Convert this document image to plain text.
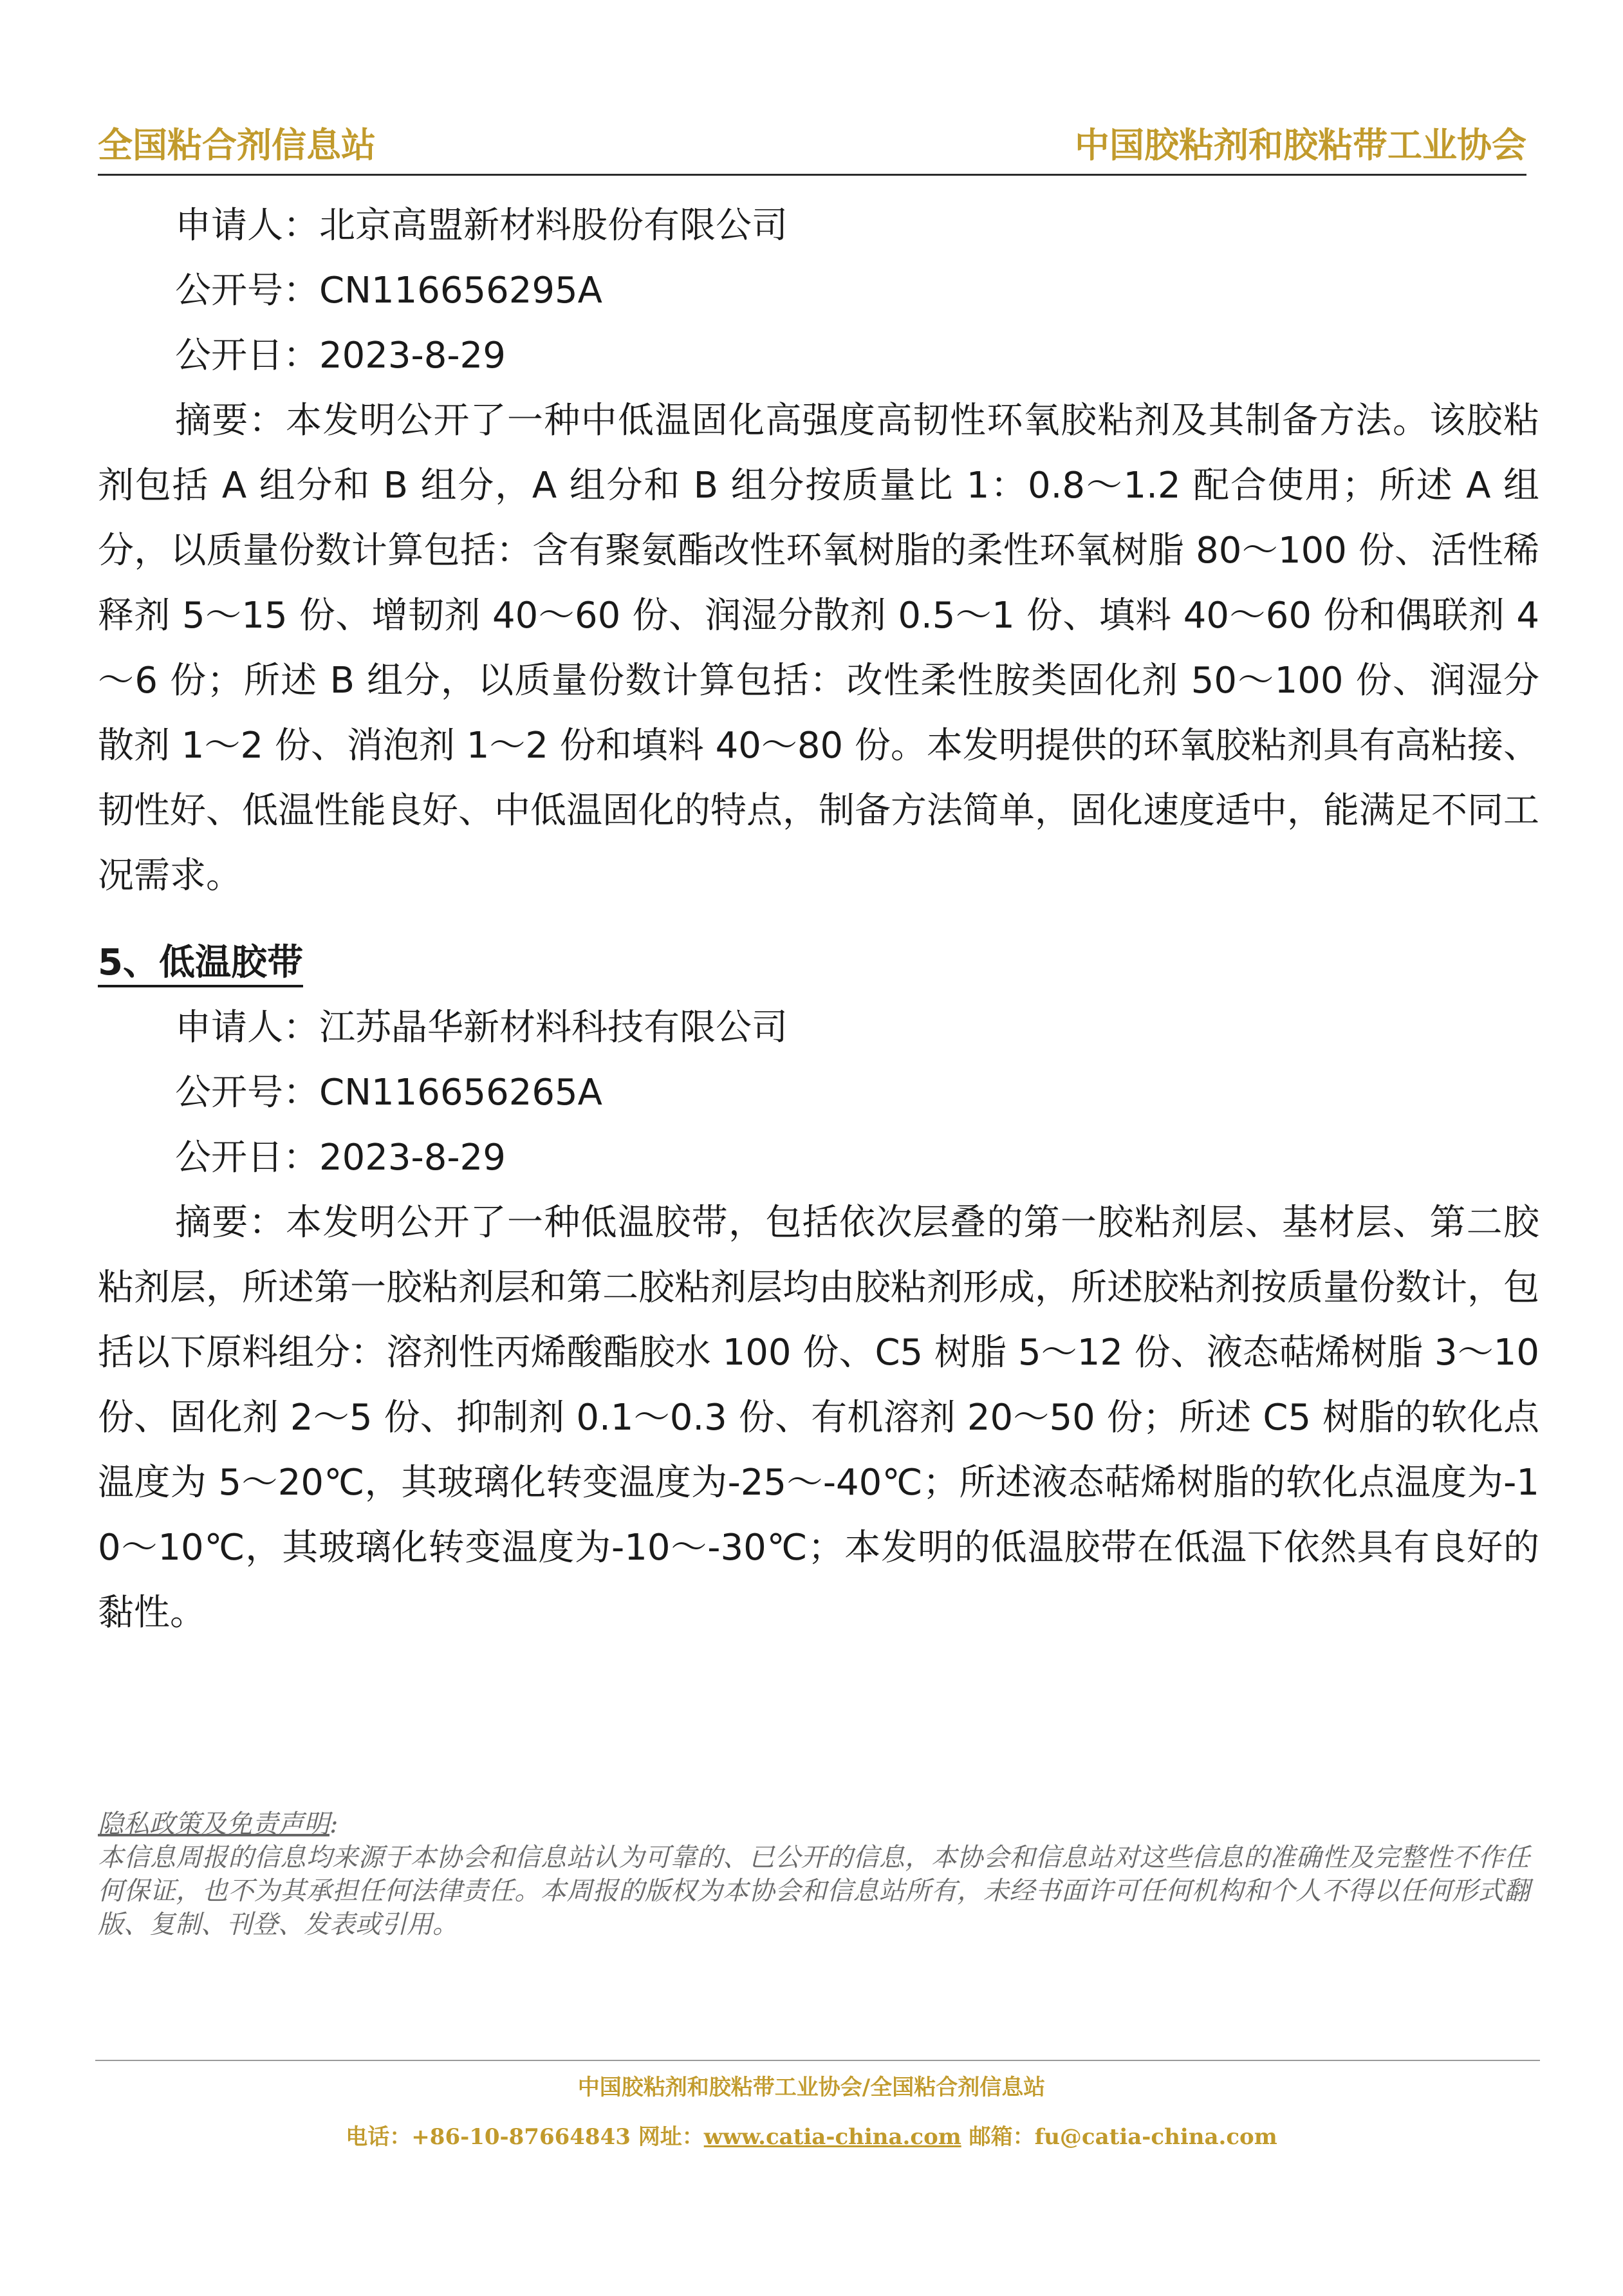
全国粘合剂信息站	中国胶粘剂和胶粘带工业协会
申请人：北京高盟新材料股份有限公司
公开号：CN116656295A
公开日：2023-8-29

摘要：本发明公开了一种中低温固化高强度高韧性环氧胶粘剂及其制备方法。该胶粘剂包括 A 组分和 B 组分，A 组分和 B 组分按质量比 1：0.8～1.2 配合使用；所述 A 组分，以质量份数计算包括：含有聚氨酯改性环氧树脂的柔性环氧树脂 80～100 份、活性稀释剂 5～15 份、增韧剂 40～60 份、润湿分散剂 0.5～1 份、填料 40～60 份和偶联剂 4～6 份；所述 B 组分，以质量份数计算包括：改性柔性胺类固化剂 50～100 份、润湿分散剂 1～2 份、消泡剂 1～2 份和填料 40～80 份。本发明提供的环氧胶粘剂具有高粘接、韧性好、低温性能良好、中低温固化的特点，制备方法简单，固化速度适中，能满足不同工况需求。

5、低温胶带
申请人：江苏晶华新材料科技有限公司
公开号：CN116656265A
公开日：2023-8-29

摘要：本发明公开了一种低温胶带，包括依次层叠的第一胶粘剂层、基材层、第二胶粘剂层，所述第一胶粘剂层和第二胶粘剂层均由胶粘剂形成，所述胶粘剂按质量份数计，包括以下原料组分：溶剂性丙烯酸酯胶水 100 份、C5 树脂 5～12 份、液态萜烯树脂 3～10 份、固化剂 2～5 份、抑制剂 0.1～0.3 份、有机溶剂 20～50 份；所述 C5 树脂的软化点温度为 5～20℃，其玻璃化转变温度为-25～-40℃；所述液态萜烯树脂的软化点温度为-10～10℃，其玻璃化转变温度为-10～-30℃；本发明的低温胶带在低温下依然具有良好的黏性。

隐私政策及免责声明:
本信息周报的信息均来源于本协会和信息站认为可靠的、已公开的信息，本协会和信息站对这些信息的准确性及完整性不作任何保证，也不为其承担任何法律责任。本周报的版权为本协会和信息站所有，未经书面许可任何机构和个人不得以任何形式翻版、复制、刊登、发表或引用。
中国胶粘剂和胶粘带工业协会/全国粘合剂信息站
电话：+86-10-87664843 网址：www.catia-china.com 邮箱：fu@catia-china.com
